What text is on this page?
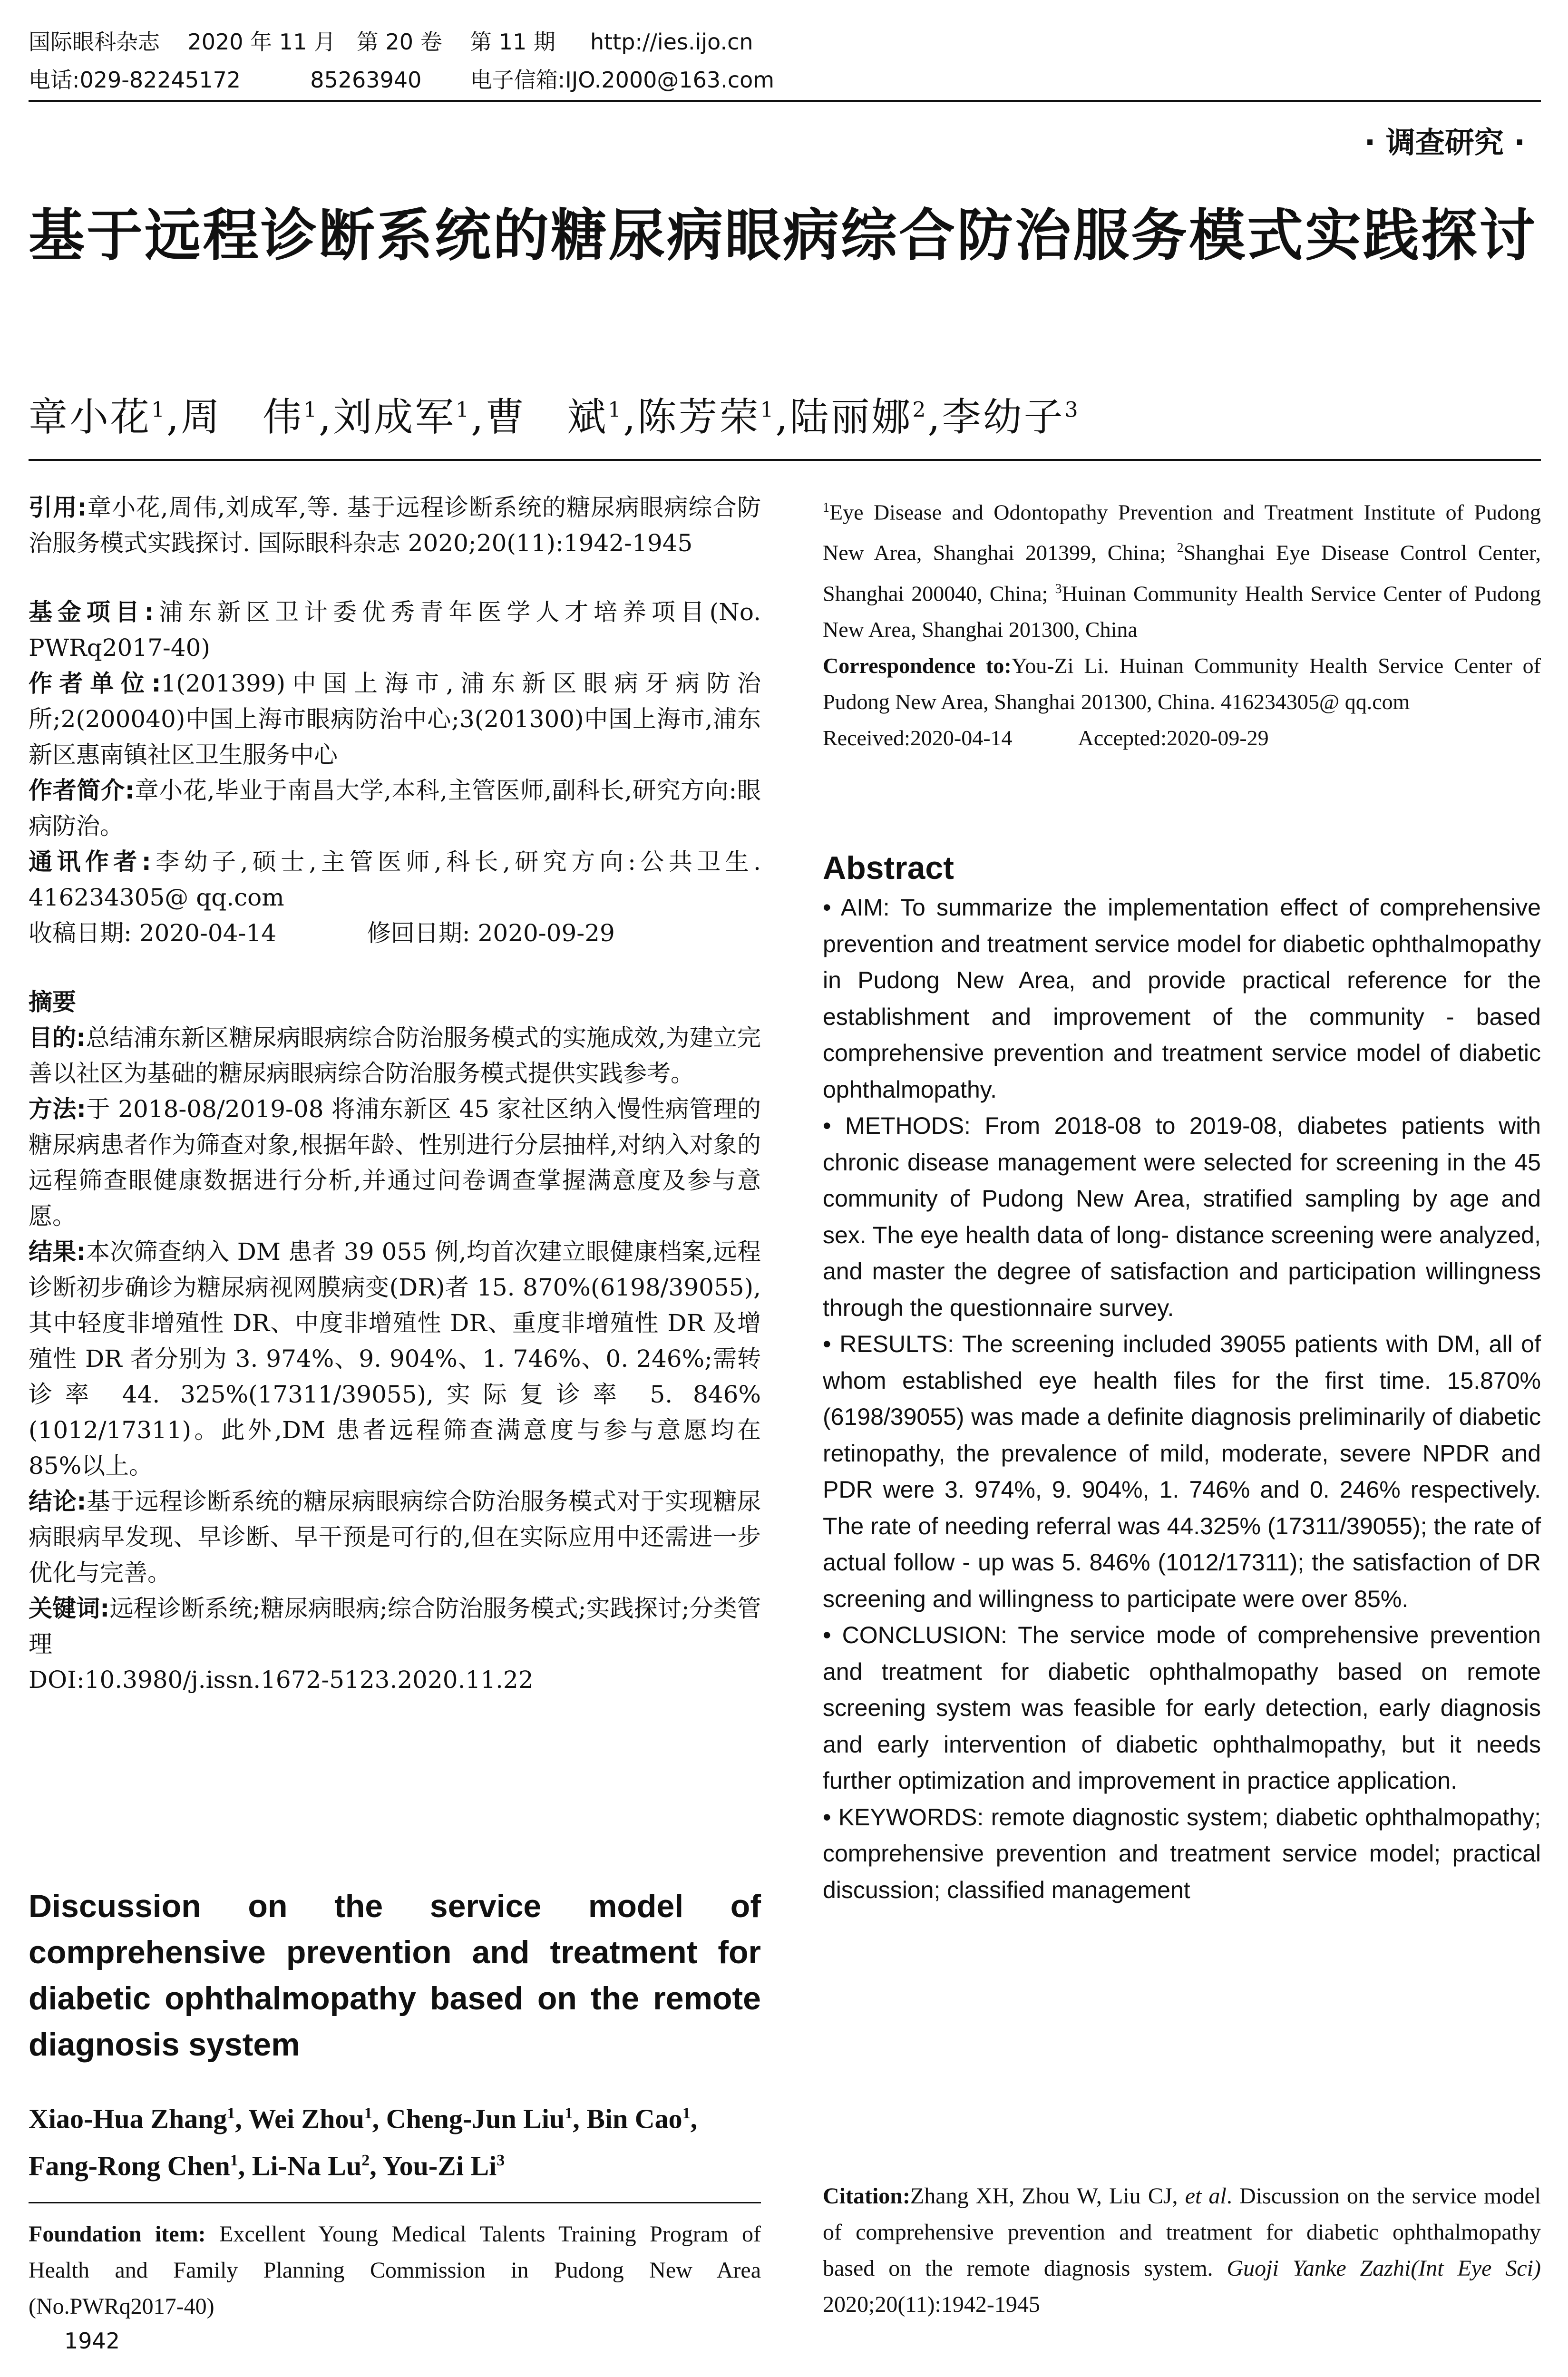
国际眼科杂志    2020 年 11 月   第 20 卷    第 11 期     http://ies.ijo.cn
电话:029-82245172          85263940       电子信箱:IJO.2000@163.com
· 调查研究 ·
基于远程诊断系统的糖尿病眼病综合防治服务模式实践探讨
章小花$^1$,周　伟$^1$,刘成军$^1$,曹　斌$^1$,陈芳荣$^1$,陆丽娜$^2$,李幼子$^3$

引用:章小花,周伟,刘成军,等. 基于远程诊断系统的糖尿病眼病综合防治服务模式实践探讨. 国际眼科杂志 2020;20(11):1942-1945

基金项目:浦东新区卫计委优秀青年医学人才培养项目(No. PWRq2017-40)

作者单位:1(201399)中国上海市,浦东新区眼病牙病防治所;2(200040)中国上海市眼病防治中心;3(201300)中国上海市,浦东新区惠南镇社区卫生服务中心

作者简介:章小花,毕业于南昌大学,本科,主管医师,副科长,研究方向:眼病防治。

通讯作者:李幼子,硕士,主管医师,科长,研究方向:公共卫生. 416234305@ qq.com

收稿日期: 2020-04-14	修回日期: 2020-09-29

摘要

目的:总结浦东新区糖尿病眼病综合防治服务模式的实施成效,为建立完善以社区为基础的糖尿病眼病综合防治服务模式提供实践参考。

方法:于 2018-08/2019-08 将浦东新区 45 家社区纳入慢性病管理的糖尿病患者作为筛查对象,根据年龄、性别进行分层抽样,对纳入对象的远程筛查眼健康数据进行分析,并通过问卷调查掌握满意度及参与意愿。

结果:本次筛查纳入 DM 患者 39 055 例,均首次建立眼健康档案,远程诊断初步确诊为糖尿病视网膜病变(DR)者 15. 870%(6198/39055),其中轻度非增殖性 DR、中度非增殖性 DR、重度非增殖性 DR 及增殖性 DR 者分别为 3. 974%、9. 904%、1. 746%、0. 246%;需转诊率 44. 325%(17311/39055),实际复诊率 5. 846%(1012/17311)。此外,DM 患者远程筛查满意度与参与意愿均在 85%以上。

结论:基于远程诊断系统的糖尿病眼病综合防治服务模式对于实现糖尿病眼病早发现、早诊断、早干预是可行的,但在实际应用中还需进一步优化与完善。

关键词:远程诊断系统;糖尿病眼病;综合防治服务模式;实践探讨;分类管理

DOI:10.3980/j.issn.1672-5123.2020.11.22

Discussion on the service model of comprehensive prevention and treatment for diabetic ophthalmopathy based on the remote diagnosis system
Xiao-Hua Zhang$^1$, Wei Zhou$^1$, Cheng-Jun Liu$^1$, Bin Cao$^1$, Fang-Rong Chen$^1$, Li-Na Lu$^2$, You-Zi Li$^3$
Foundation item: Excellent Young Medical Talents Training Program of Health and Family Planning Commission in Pudong New Area (No.PWRq2017-40)
1942

$^1$Eye Disease and Odontopathy Prevention and Treatment Institute of Pudong New Area, Shanghai 201399, China; $^2$Shanghai Eye Disease Control Center, Shanghai 200040, China; $^3$Huinan Community Health Service Center of Pudong New Area, Shanghai 201300, China

Correspondence to:You-Zi Li. Huinan Community Health Service Center of Pudong New Area, Shanghai 201300, China. 416234305@ qq.com

Received:2020-04-14	Accepted:2020-09-29

Abstract

• AIM: To summarize the implementation effect of comprehensive prevention and treatment service model for diabetic ophthalmopathy in Pudong New Area, and provide practical reference for the establishment and improvement of the community - based comprehensive prevention and treatment service model of diabetic ophthalmopathy.

• METHODS: From 2018-08 to 2019-08, diabetes patients with chronic disease management were selected for screening in the 45 community of Pudong New Area, stratified sampling by age and sex. The eye health data of long- distance screening were analyzed, and master the degree of satisfaction and participation willingness through the questionnaire survey.

• RESULTS: The screening included 39055 patients with DM, all of whom established eye health files for the first time. 15.870% (6198/39055) was made a definite diagnosis preliminarily of diabetic retinopathy, the prevalence of mild, moderate, severe NPDR and PDR were 3. 974%, 9. 904%, 1. 746% and 0. 246% respectively. The rate of needing referral was 44.325% (17311/39055); the rate of actual follow - up was 5. 846% (1012/17311); the satisfaction of DR screening and willingness to participate were over 85%.

• CONCLUSION: The service mode of comprehensive prevention and treatment for diabetic ophthalmopathy based on remote screening system was feasible for early detection, early diagnosis and early intervention of diabetic ophthalmopathy, but it needs further optimization and improvement in practice application.

• KEYWORDS: remote diagnostic system; diabetic ophthalmopathy; comprehensive prevention and treatment service model; practical discussion; classified management

Citation:Zhang XH, Zhou W, Liu CJ, et al. Discussion on the service model of comprehensive prevention and treatment for diabetic ophthalmopathy based on the remote diagnosis system. Guoji Yanke Zazhi(Int Eye Sci) 2020;20(11):1942-1945
